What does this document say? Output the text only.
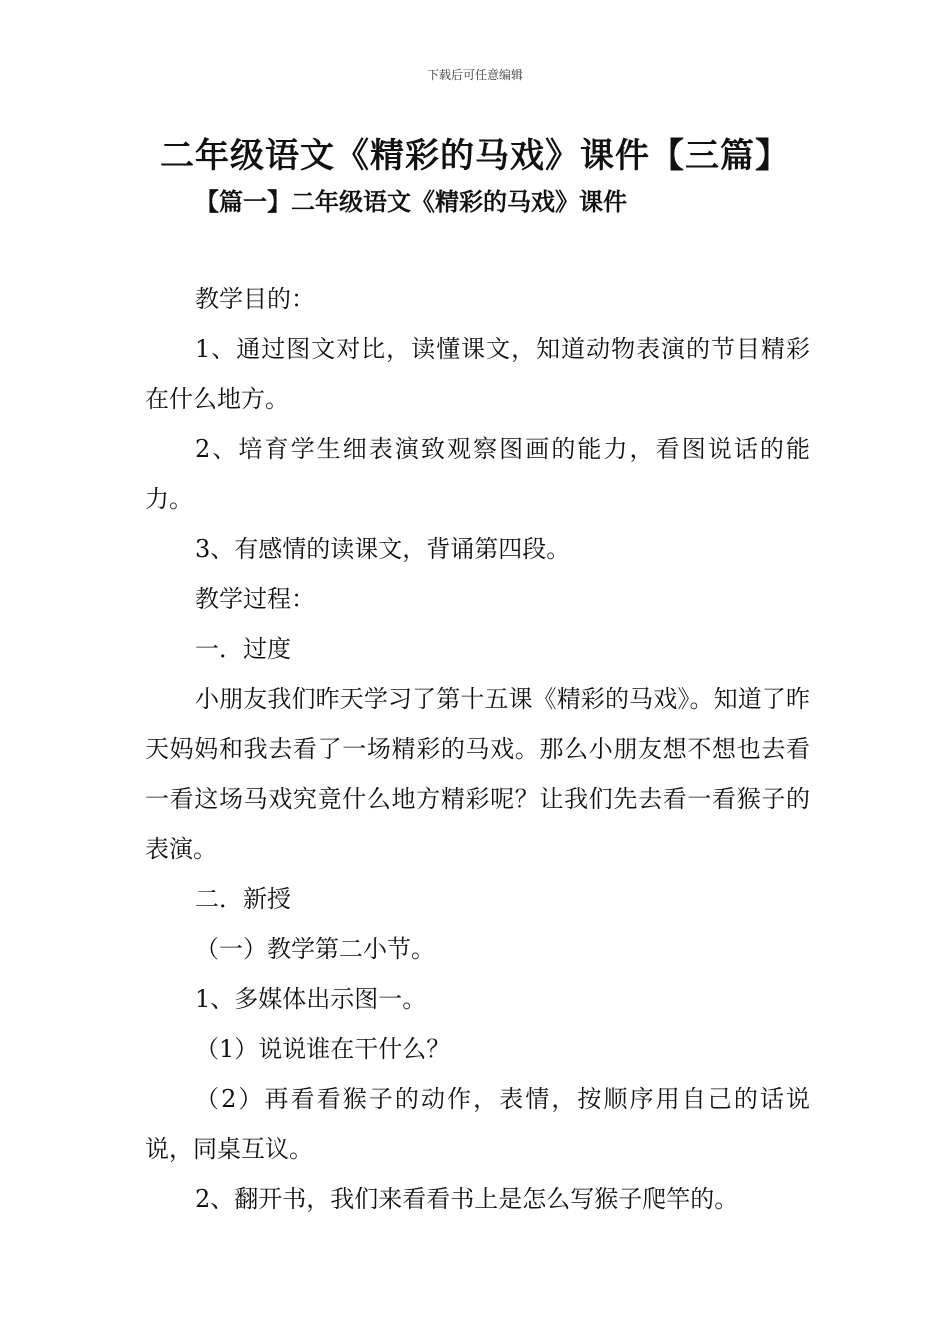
下载后可任意编辑
二年级语文《精彩的马戏》课件【三篇】
【篇一】二年级语文《精彩的马戏》课件

教学目的：

1、通过图文对比，读懂课文，知道动物表演的节目精彩在什么地方。

2、培育学生细表演致观察图画的能力，看图说话的能力。

3、有感情的读课文，背诵第四段。

教学过程：

一．过度

小朋友我们昨天学习了第十五课《精彩的马戏》。知道了昨天妈妈和我去看了一场精彩的马戏。那么小朋友想不想也去看一看这场马戏究竟什么地方精彩呢？让我们先去看一看猴子的表演。

二．新授

（一）教学第二小节。

1、多媒体出示图一。

（1）说说谁在干什么？

（2）再看看猴子的动作，表情，按顺序用自己的话说说，同桌互议。

2、翻开书，我们来看看书上是怎么写猴子爬竿的。
